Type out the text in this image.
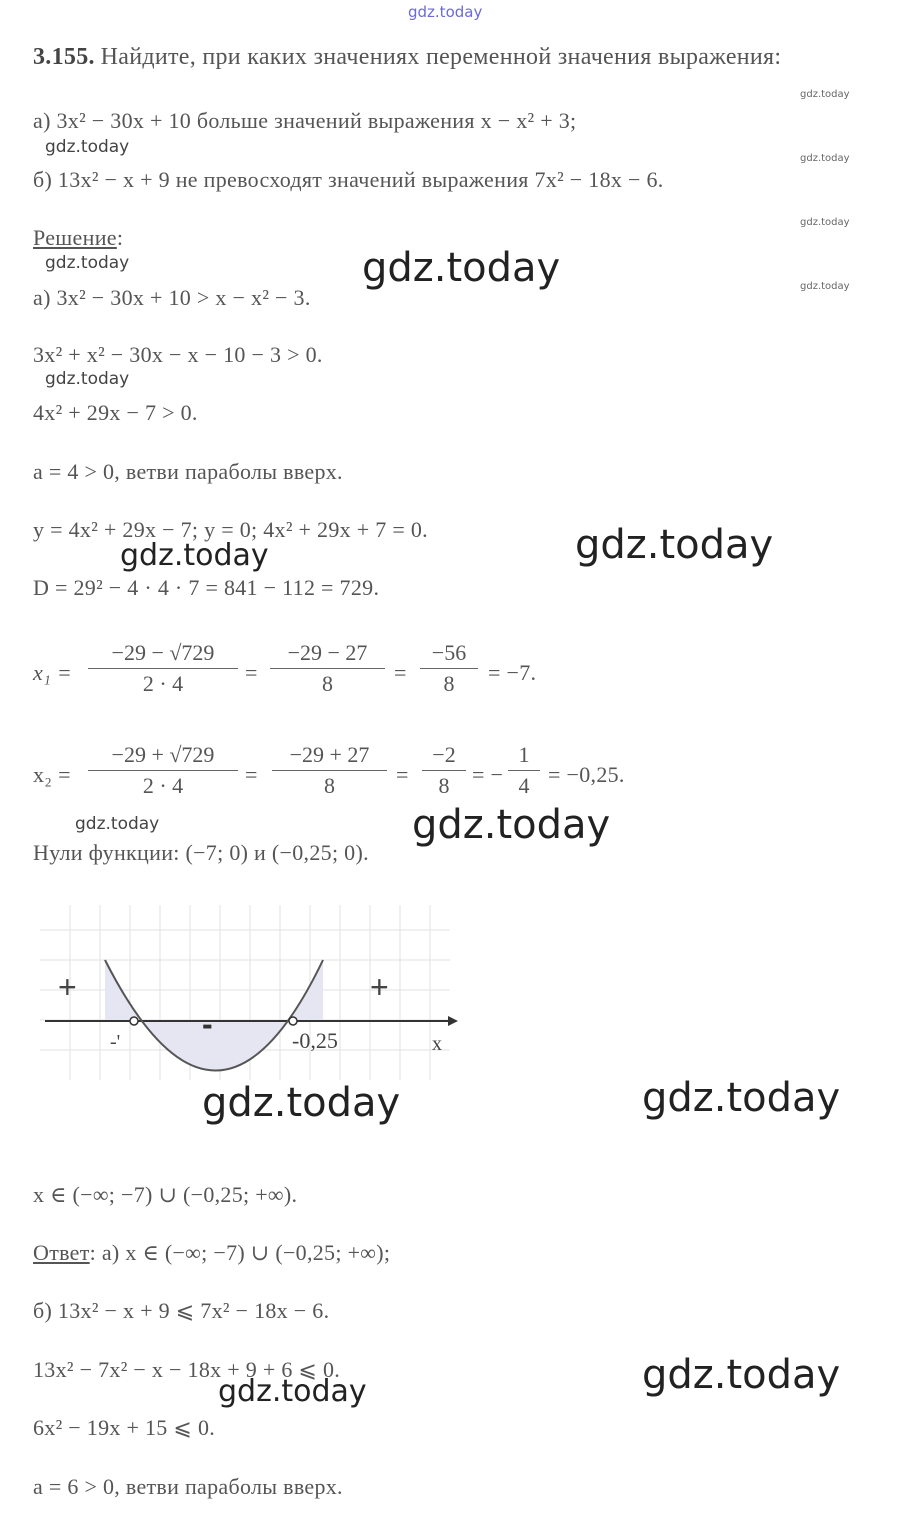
gdz.today
3.155. Найдите, при каких значениях переменной значения выражения:
gdz.today
а) 3x² − 30x + 10 больше значений выражения x − x² + 3;
gdz.today
gdz.today
б) 13x² − x + 9 не превосходят значений выражения 7x² − 18x − 6.
gdz.today
Решение:
gdz.today	gdz.today	gdz.today
а) 3x² − 30x + 10 > x − x² − 3.
3x² + x² − 30x − x − 10 − 3 > 0.
gdz.today
4x² + 29x − 7 > 0.
a = 4 > 0, ветви параболы вверх.
y = 4x² + 29x − 7; y = 0; 4x² + 29x + 7 = 0.	gdz.today
gdz.today
D = 29² − 4 · 4 · 7 = 841 − 112 = 729.
x₁ =
−29 − √729
2 · 4	=
−29 − 27
8	=
−56
8	= −7.
x₂ =
−29 + √729
2 · 4	=
−29 + 27
8	=
−2
8	= −
1
4 = −0,25.
gdz.today	gdz.today
Нули функции: (−7; 0) и (−0,25; 0).
+	+
-
-'	-0,25	x
gdz.today	gdz.today
x ∈ (−∞; −7) ∪ (−0,25; +∞).
Ответ: а) x ∈ (−∞; −7) ∪ (−0,25; +∞);
б) 13x² − x + 9 ⩽ 7x² − 18x − 6.
13x² − 7x² − x − 18x + 9 + 6 ⩽ 0.	gdz.today
gdz.today
6x² − 19x + 15 ⩽ 0.
a = 6 > 0, ветви параболы вверх.
